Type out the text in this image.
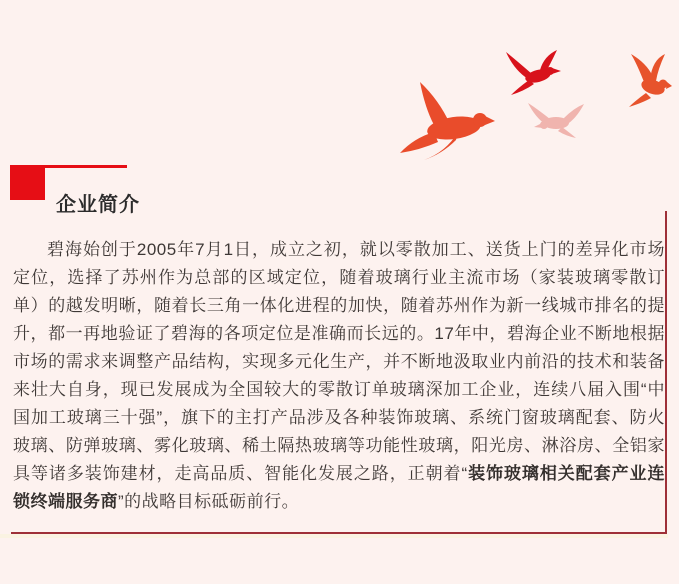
企业简介

碧海始创于2005年7月1日，成立之初，就以零散加工、送货上门的差异化市场定位，选择了苏州作为总部的区域定位，随着玻璃行业主流市场（家装玻璃零散订单）的越发明晰，随着长三角一体化进程的加快，随着苏州作为新一线城市排名的提升，都一再地验证了碧海的各项定位是准确而长远的。17年中，碧海企业不断地根据市场的需求来调整产品结构，实现多元化生产，并不断地汲取业内前沿的技术和装备来壮大自身，现已发展成为全国较大的零散订单玻璃深加工企业，连续八届入围“中国加工玻璃三十强”，旗下的主打产品涉及各种装饰玻璃、系统门窗玻璃配套、防火玻璃、防弹玻璃、雾化玻璃、稀土隔热玻璃等功能性玻璃，阳光房、淋浴房、全铝家具等诸多装饰建材，走高品质、智能化发展之路，正朝着“装饰玻璃相关配套产业连锁终端服务商”的战略目标砥砺前行。
